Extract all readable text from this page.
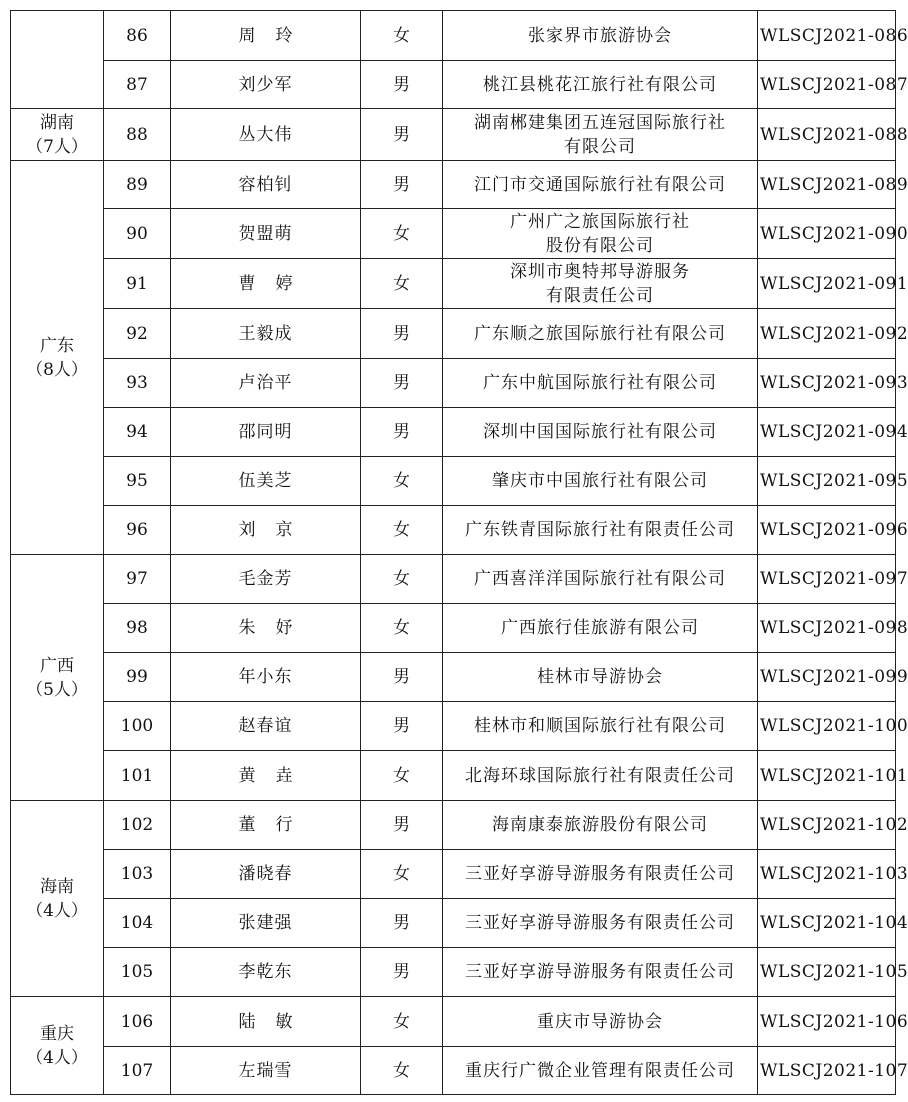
	86	周玲	女	张家界市旅游协会	WLSCJ2021-086
	87	刘少军	男	桃江县桃花江旅行社有限公司	WLSCJ2021-087

湖南
（7人）	88	丛大伟	男	湖南郴建集团五连冠国际旅行社
有限公司	WLSCJ2021-088

广东
（8人）	89	容柏钊	男	江门市交通国际旅行社有限公司	WLSCJ2021-089
	90	贺盟萌	女	广州广之旅国际旅行社
股份有限公司	WLSCJ2021-090
	91	曹婷	女	深圳市奥特邦导游服务
有限责任公司	WLSCJ2021-091
	92	王毅成	男	广东顺之旅国际旅行社有限公司	WLSCJ2021-092
	93	卢治平	男	广东中航国际旅行社有限公司	WLSCJ2021-093
	94	邵同明	男	深圳中国国际旅行社有限公司	WLSCJ2021-094
	95	伍美芝	女	肇庆市中国旅行社有限公司	WLSCJ2021-095
	96	刘京	女	广东铁青国际旅行社有限责任公司	WLSCJ2021-096

广西
（5人）	97	毛金芳	女	广西喜洋洋国际旅行社有限公司	WLSCJ2021-097
	98	朱妤	女	广西旅行佳旅游有限公司	WLSCJ2021-098
	99	年小东	男	桂林市导游协会	WLSCJ2021-099
	100	赵春谊	男	桂林市和顺国际旅行社有限公司	WLSCJ2021-100
	101	黄垚	女	北海环球国际旅行社有限责任公司	WLSCJ2021-101

海南
（4人）	102	董行	男	海南康泰旅游股份有限公司	WLSCJ2021-102
	103	潘晓春	女	三亚好享游导游服务有限责任公司	WLSCJ2021-103
	104	张建强	男	三亚好享游导游服务有限责任公司	WLSCJ2021-104
	105	李乾东	男	三亚好享游导游服务有限责任公司	WLSCJ2021-105

重庆
（4人）	106	陆敏	女	重庆市导游协会	WLSCJ2021-106
	107	左瑞雪	女	重庆行广微企业管理有限责任公司	WLSCJ2021-107
